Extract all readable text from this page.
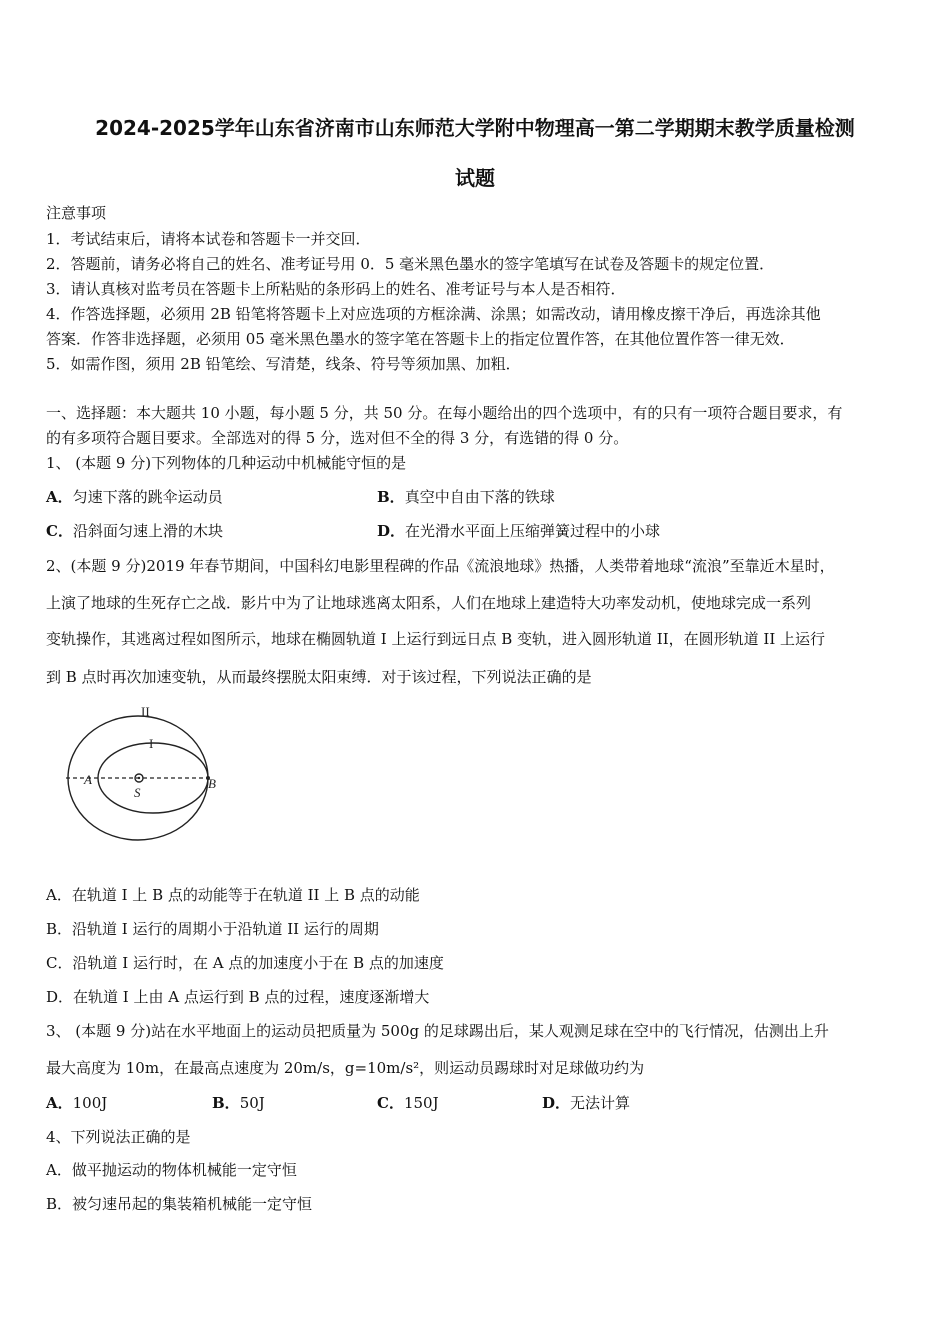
2024-2025学年山东省济南市山东师范大学附中物理高一第二学期期末教学质量检测
试题
注意事项
1．考试结束后，请将本试卷和答题卡一并交回．
2．答题前，请务必将自己的姓名、准考证号用 0．5 毫米黑色墨水的签字笔填写在试卷及答题卡的规定位置．
3．请认真核对监考员在答题卡上所粘贴的条形码上的姓名、准考证号与本人是否相符．
4．作答选择题，必须用 2B 铅笔将答题卡上对应选项的方框涂满、涂黑；如需改动，请用橡皮擦干净后，再选涂其他
答案．作答非选择题，必须用 05 毫米黑色墨水的签字笔在答题卡上的指定位置作答，在其他位置作答一律无效．
5．如需作图，须用 2B 铅笔绘、写清楚，线条、符号等须加黑、加粗．
一、选择题：本大题共 10 小题，每小题 5 分，共 50 分。在每小题给出的四个选项中，有的只有一项符合题目要求，有
的有多项符合题目要求。全部选对的得 5 分，选对但不全的得 3 分，有选错的得 0 分。
1、 (本题 9 分)下列物体的几种运动中机械能守恒的是
A．匀速下落的跳伞运动员	B．真空中自由下落的铁球
C．沿斜面匀速上滑的木块	D．在光滑水平面上压缩弹簧过程中的小球
2、(本题 9 分)2019 年春节期间，中国科幻电影里程碑的作品《流浪地球》热播，人类带着地球“流浪”至靠近木星时，
上演了地球的生死存亡之战．影片中为了让地球逃离太阳系，人们在地球上建造特大功率发动机，使地球完成一系列
变轨操作，其逃离过程如图所示，地球在椭圆轨道 I 上运行到远日点 B 变轨，进入圆形轨道 II，在圆形轨道 II 上运行
到 B 点时再次加速变轨，从而最终摆脱太阳束缚．对于该过程，下列说法正确的是
II
I
A	B
S
A．在轨道 I 上 B 点的动能等于在轨道 II 上 B 点的动能
B．沿轨道 I 运行的周期小于沿轨道 II 运行的周期
C．沿轨道 I 运行时，在 A 点的加速度小于在 B 点的加速度
D．在轨道 I 上由 A 点运行到 B 点的过程，速度逐渐增大
3、 (本题 9 分)站在水平地面上的运动员把质量为 500g 的足球踢出后，某人观测足球在空中的飞行情况，估测出上升
最大高度为 10m，在最高点速度为 20m/s，g=10m/s²，则运动员踢球时对足球做功约为
A．100J	B．50J	C．150J	D．无法计算
4、下列说法正确的是
A．做平抛运动的物体机械能一定守恒
B．被匀速吊起的集装箱机械能一定守恒
